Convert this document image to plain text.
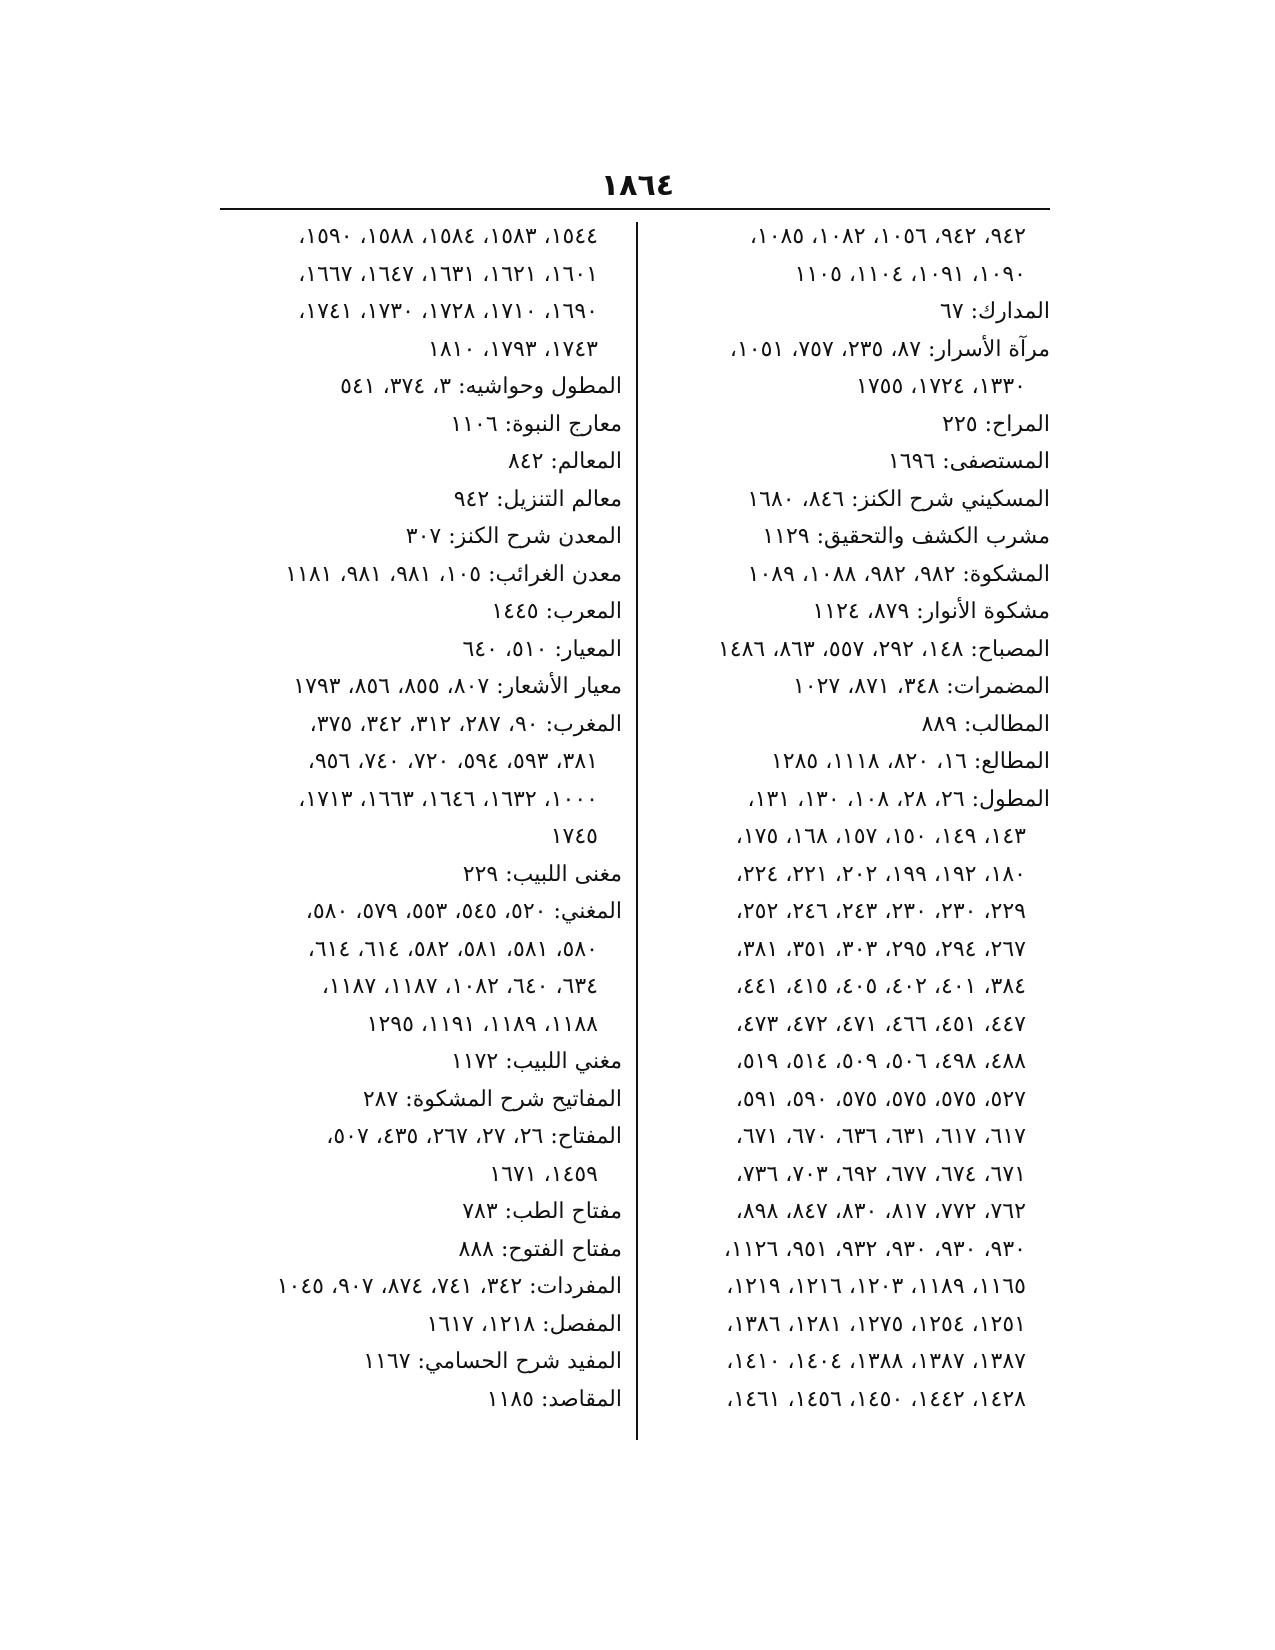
١٨٦٤
٩٤٢، ٩٤٢، ١٠٥٦، ١٠٨٢، ١٠٨٥،
١٠٩٠، ١٠٩١، ١١٠٤، ١١٠٥
المدارك: ٦٧
مرآة الأسرار: ٨٧، ٢٣٥، ٧٥٧، ١٠٥١،
١٣٣٠، ١٧٢٤، ١٧٥٥
المراح: ٢٢٥
المستصفى: ١٦٩٦
المسكيني شرح الكنز: ٨٤٦، ١٦٨٠
مشرب الكشف والتحقيق: ١١٢٩
المشكوة: ٩٨٢، ٩٨٢، ١٠٨٨، ١٠٨٩
مشكوة الأنوار: ٨٧٩، ١١٢٤
المصباح: ١٤٨، ٢٩٢، ٥٥٧، ٨٦٣، ١٤٨٦
المضمرات: ٣٤٨، ٨٧١، ١٠٢٧
المطالب: ٨٨٩
المطالع: ١٦، ٨٢٠، ١١١٨، ١٢٨٥
المطول: ٢٦، ٢٨، ١٠٨، ١٣٠، ١٣١،
١٤٣، ١٤٩، ١٥٠، ١٥٧، ١٦٨، ١٧٥،
١٨٠، ١٩٢، ١٩٩، ٢٠٢، ٢٢١، ٢٢٤،
٢٢٩، ٢٣٠، ٢٣٠، ٢٤٣، ٢٤٦، ٢٥٢،
٢٦٧، ٢٩٤، ٢٩٥، ٣٠٣، ٣٥١، ٣٨١،
٣٨٤، ٤٠١، ٤٠٢، ٤٠٥، ٤١٥، ٤٤١،
٤٤٧، ٤٥١، ٤٦٦، ٤٧١، ٤٧٢، ٤٧٣،
٤٨٨، ٤٩٨، ٥٠٦، ٥٠٩، ٥١٤، ٥١٩،
٥٢٧، ٥٧٥، ٥٧٥، ٥٧٥، ٥٩٠، ٥٩١،
٦١٧، ٦١٧، ٦٣١، ٦٣٦، ٦٧٠، ٦٧١،
٦٧١، ٦٧٤، ٦٧٧، ٦٩٢، ٧٠٣، ٧٣٦،
٧٦٢، ٧٧٢، ٨١٧، ٨٣٠، ٨٤٧، ٨٩٨،
٩٣٠، ٩٣٠، ٩٣٠، ٩٣٢، ٩٥١، ١١٢٦،
١١٦٥، ١١٨٩، ١٢٠٣، ١٢١٦، ١٢١٩،
١٢٥١، ١٢٥٤، ١٢٧٥، ١٢٨١، ١٣٨٦،
١٣٨٧، ١٣٨٧، ١٣٨٨، ١٤٠٤، ١٤١٠،
١٤٢٨، ١٤٤٢، ١٤٥٠، ١٤٥٦، ١٤٦١،
١٥٤٤، ١٥٨٣، ١٥٨٤، ١٥٨٨، ١٥٩٠،
١٦٠١، ١٦٢١، ١٦٣١، ١٦٤٧، ١٦٦٧،
١٦٩٠، ١٧١٠، ١٧٢٨، ١٧٣٠، ١٧٤١،
١٧٤٣، ١٧٩٣، ١٨١٠
المطول وحواشيه: ٣، ٣٧٤، ٥٤١
معارج النبوة: ١١٠٦
المعالم: ٨٤٢
معالم التنزيل: ٩٤٢
المعدن شرح الكنز: ٣٠٧
معدن الغرائب: ١٠٥، ٩٨١، ٩٨١، ١١٨١
المعرب: ١٤٤٥
المعيار: ٥١٠، ٦٤٠
معيار الأشعار: ٨٠٧، ٨٥٥، ٨٥٦، ١٧٩٣
المغرب: ٩٠، ٢٨٧، ٣١٢، ٣٤٢، ٣٧٥،
٣٨١، ٥٩٣، ٥٩٤، ٧٢٠، ٧٤٠، ٩٥٦،
١٠٠٠، ١٦٣٢، ١٦٤٦، ١٦٦٣، ١٧١٣،
١٧٤٥
مغنى اللبيب: ٢٢٩
المغني: ٥٢٠، ٥٤٥، ٥٥٣، ٥٧٩، ٥٨٠،
٥٨٠، ٥٨١، ٥٨١، ٥٨٢، ٦١٤، ٦١٤،
٦٣٤، ٦٤٠، ١٠٨٢، ١١٨٧، ١١٨٧،
١١٨٨، ١١٨٩، ١١٩١، ١٢٩٥
مغني اللبيب: ١١٧٢
المفاتيح شرح المشكوة: ٢٨٧
المفتاح: ٢٦، ٢٧، ٢٦٧، ٤٣٥، ٥٠٧،
١٤٥٩، ١٦٧١
مفتاح الطب: ٧٨٣
مفتاح الفتوح: ٨٨٨
المفردات: ٣٤٢، ٧٤١، ٨٧٤، ٩٠٧، ١٠٤٥
المفصل: ١٢١٨، ١٦١٧
المفيد شرح الحسامي: ١١٦٧
المقاصد: ١١٨٥
